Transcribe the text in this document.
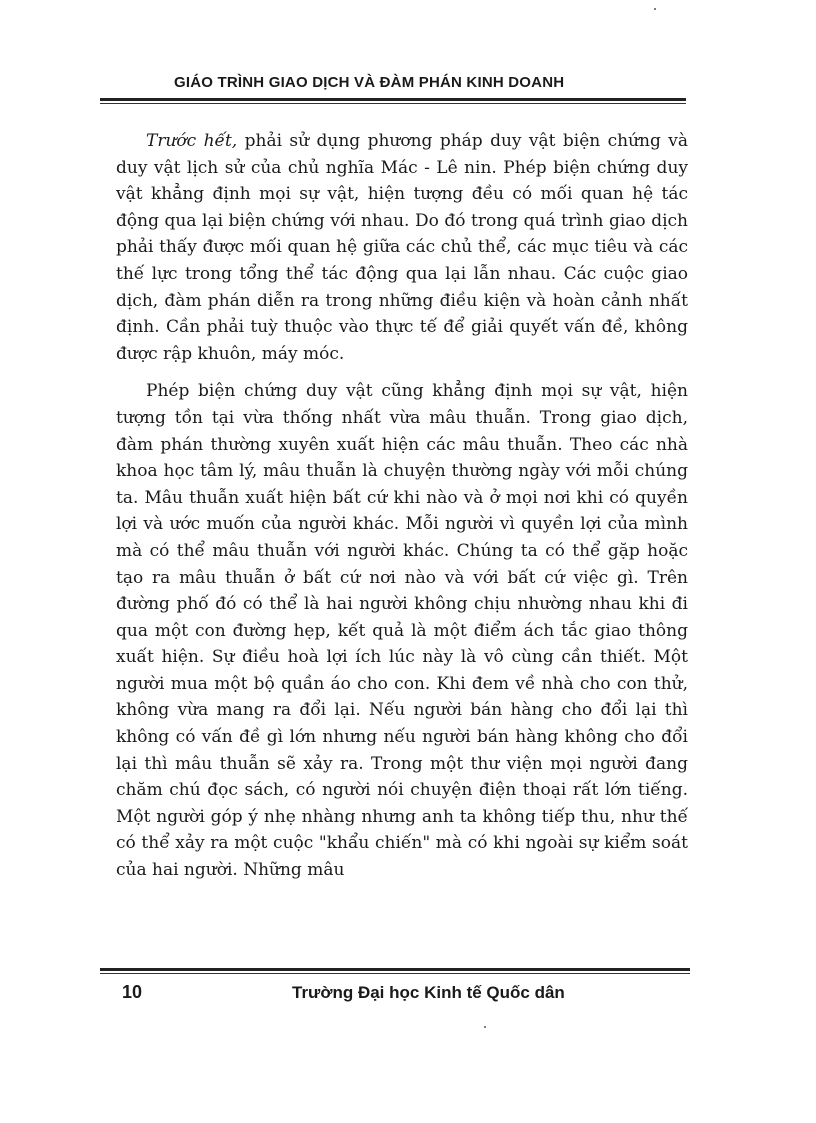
GIÁO TRÌNH GIAO DỊCH VÀ ĐÀM PHÁN KINH DOANH

Trước hết, phải sử dụng phương pháp duy vật biện chứng và duy vật lịch sử của chủ nghĩa Mác - Lê nin. Phép biện chứng duy vật khẳng định mọi sự vật, hiện tượng đều có mối quan hệ tác động qua lại biện chứng với nhau. Do đó trong quá trình giao dịch phải thấy được mối quan hệ giữa các chủ thể, các mục tiêu và các thế lực trong tổng thể tác động qua lại lẫn nhau. Các cuộc giao dịch, đàm phán diễn ra trong những điều kiện và hoàn cảnh nhất định. Cần phải tuỳ thuộc vào thực tế để giải quyết vấn đề, không được rập khuôn, máy móc.

Phép biện chứng duy vật cũng khẳng định mọi sự vật, hiện tượng tồn tại vừa thống nhất vừa mâu thuẫn. Trong giao dịch, đàm phán thường xuyên xuất hiện các mâu thuẫn. Theo các nhà khoa học tâm lý, mâu thuẫn là chuyện thường ngày với mỗi chúng ta. Mâu thuẫn xuất hiện bất cứ khi nào và ở mọi nơi khi có quyền lợi và ước muốn của người khác. Mỗi người vì quyền lợi của mình mà có thể mâu thuẫn với người khác. Chúng ta có thể gặp hoặc tạo ra mâu thuẫn ở bất cứ nơi nào và với bất cứ việc gì. Trên đường phố đó có thể là hai người không chịu nhường nhau khi đi qua một con đường hẹp, kết quả là một điểm ách tắc giao thông xuất hiện. Sự điều hoà lợi ích lúc này là vô cùng cần thiết. Một người mua một bộ quần áo cho con. Khi đem về nhà cho con thử, không vừa mang ra đổi lại. Nếu người bán hàng cho đổi lại thì không có vấn đề gì lớn nhưng nếu người bán hàng không cho đổi lại thì mâu thuẫn sẽ xảy ra. Trong một thư viện mọi người đang chăm chú đọc sách, có người nói chuyện điện thoại rất lớn tiếng. Một người góp ý nhẹ nhàng nhưng anh ta không tiếp thu, như thế có thể xảy ra một cuộc "khẩu chiến" mà có khi ngoài sự kiểm soát của hai người. Những mâu

10	Trường Đại học Kinh tế Quốc dân
